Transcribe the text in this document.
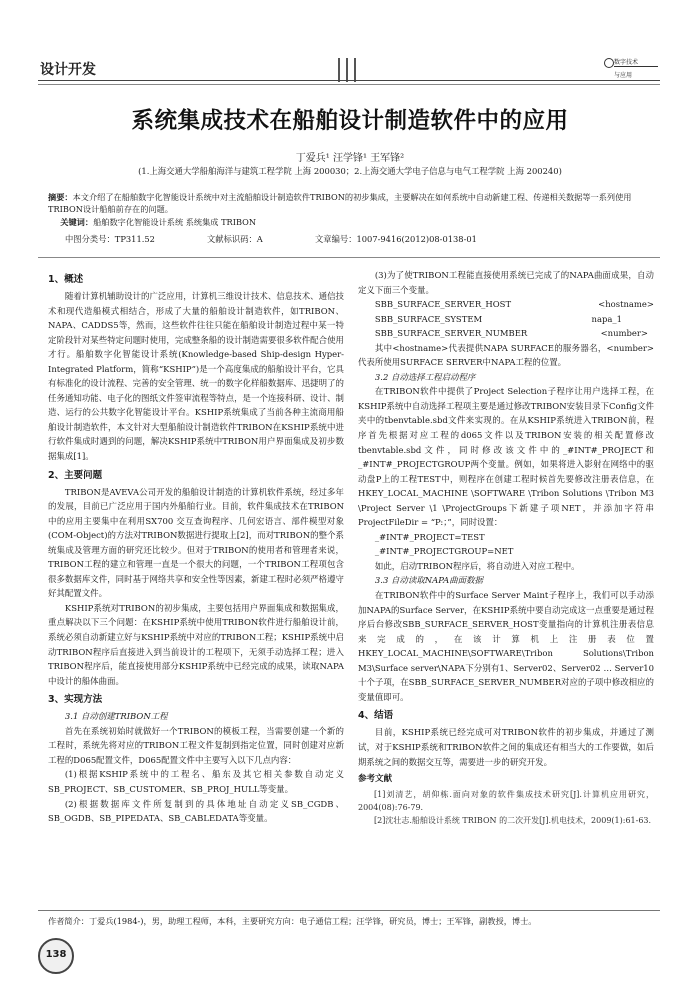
设计开发	数字技术
与应用
系统集成技术在船舶设计制造软件中的应用
丁爱兵¹ 汪学锋¹ 王军锋²
(1.上海交通大学船舶海洋与建筑工程学院 上海 200030；2.上海交通大学电子信息与电气工程学院 上海 200240)
摘要：本文介绍了在船舶数字化智能设计系统中对主流船舶设计制造软件TRIBON的初步集成，主要解决在如何系统中自动新建工程、传递相关数据等一系列使用TRIBON设计船舶前存在的问题。
关键词：船舶数字化智能设计系统 系统集成 TRIBON
中图分类号：TP311.52	文献标识码：A	文章编号：1007-9416(2012)08-0138-01
1、概述

随着计算机辅助设计的广泛应用，计算机三维设计技术、信息技术、通信技术和现代造船模式相结合，形成了大量的船舶设计制造软件，如TRIBON、NAPA、CADDS5等，然而，这些软件往往只能在船舶设计制造过程中某一特定阶段针对某些特定问题时使用，完成整条船的设计制造需要很多软件配合使用才行。船舶数字化智能设计系统(Knowledge-based Ship-design Hyper-Integrated Platform，简称“KSHIP”)是一个高度集成的船舶设计平台，它具有标准化的设计流程、完善的安全管理、统一的数字化样船数据库、迅捷明了的任务通知功能、电子化的图纸文件签审流程等特点，是一个连接科研、设计、制造、运行的公共数字化智能设计平台。KSHIP系统集成了当前各种主流商用船舶设计制造软件，本文针对大型船舶设计制造软件TRIBON在KSHIP系统中进行软件集成时遇到的问题，解决KSHIP系统中TRIBON用户界面集成及初步数据集成[1]。

2、主要问题

TRIBON是AVEVA公司开发的船舶设计制造的计算机软件系统，经过多年的发展，目前已广泛应用于国内外船舶行业。目前，软件集成技术在TRIBON中的应用主要集中在利用SX700 交互查询程序、几何宏语言、部件模型对象(COM-Object)的方法对TRIBON数据进行提取上[2]，而对TRIBON的整个系统集成及管理方面的研究还比较少。但对于TRIBON的使用者和管理者来说，TRIBON工程的建立和管理一直是一个很大的问题，一个TRIBON工程项包含很多数据库文件，同时基于网络共享和安全性等因素，新建工程时必须严格遵守好其配置文件。

KSHIP系统对TRIBON的初步集成，主要包括用户界面集成和数据集成，重点解决以下三个问题：在KSHIP系统中使用TRIBON软件进行船舶设计前，系统必须自动新建立好与KSHIP系统中对应的TRIBON工程；KSHIP系统中启动TRIBON程序后直接进入到当前设计的工程项下，无须手动选择工程；进入TRIBON程序后，能直接使用部分KSHIP系统中已经完成的成果，读取NAPA中设计的船体曲面。

3、实现方法

3.1 自动创建TRIBON工程

首先在系统初始时就做好一个TRIBON的模板工程，当需要创建一个新的工程时，系统先将对应的TRIBON工程文件复制到指定位置，同时创建对应新工程的D065配置文件，D065配置文件中主要写入以下几点内容：

(1)根据KSHIP系统中的工程名、船东及其它相关参数自动定义SB_PROJECT、SB_CUSTOMER、SB_PROJ_HULL等变量。

(2)根据数据库文件所复制到的具体地址自动定义SB_CGDB、SB_OGDB、SB_PIPEDATA、SB_CABLEDATA等变量。

(3)为了使TRIBON工程能直接使用系统已完成了的NAPA曲面成果，自动定义下面三个变量。

SBB_SURFACE_SERVER_HOST	<hostname>
SBB_SURFACE_SYSTEM	napa_1
SBB_SURFACE_SERVER_NUMBER	<number>

其中<hostname>代表提供NAPA SURFACE的服务器名，<number>代表所使用SURFACE SERVER中NAPA工程的位置。

3.2 自动选择工程启动程序

在TRIBON软件中提供了Project Selection子程序让用户选择工程，在KSHIP系统中自动选择工程项主要是通过修改TRIBON安装目录下Config文件夹中的tbenvtable.sbd文件来实现的。在从KSHIP系统进入TRIBON前，程序首先根据对应工程的d065文件以及TRIBON安装的相关配置修改tbenvtable.sbd文件，同时修改该文件中的_#INT#_PROJECT和_#INT#_PROJECTGROUP两个变量。例如，如果将进入影射在网络中的驱动盘P上的工程TEST中，则程序在创建工程时候首先要修改注册表信息，在HKEY_LOCAL_MACHINE \SOFTWARE \Tribon Solutions \Tribon M3 \Project Server \1 \ProjectGroups下新建子项NET，并添加字符串ProjectFileDir = “P:；”，同时设置：

_#INT#_PROJECT=TEST

_#INT#_PROJECTGROUP=NET

如此，启动TRIBON程序后，将自动进入对应工程中。

3.3 自动读取NAPA曲面数据

在TRIBON软件中的Surface Server Maint子程序上，我们可以手动添加NAPA的Surface Server，在KSHIP系统中要自动完成这一点重要是通过程序后台修改SBB_SURFACE_SERVER_HOST变量指向的计算机注册表信息来完成的，在该计算机上注册表位置HKEY_LOCAL_MACHINE\SOFTWARE\Tribon Solutions\Tribon M3\Surface server\NAPA下分别有1、Server02、Server02 … Server10十个子项，在SBB_SURFACE_SERVER_NUMBER对应的子项中修改相应的变量值即可。

4、结语

目前，KSHIP系统已经完成可对TRIBON软件的初步集成，并通过了测试，对于KSHIP系统和TRIBON软件之间的集成还有相当大的工作要做，如后期系统之间的数据交互等，需要进一步的研究开发。

参考文献

[1]刘清艺，胡仰栋.面向对象的软件集成技术研究[J].计算机应用研究，2004(08):76-79.

[2]沈壮志.船舶设计系统 TRIBON 的二次开发[J].机电技术，2009(1):61-63.

作者简介：丁爱兵(1984-)，男，助理工程师，本科，主要研究方向：电子通信工程；汪学锋，研究员，博士；王军锋，副教授，博士。
138
